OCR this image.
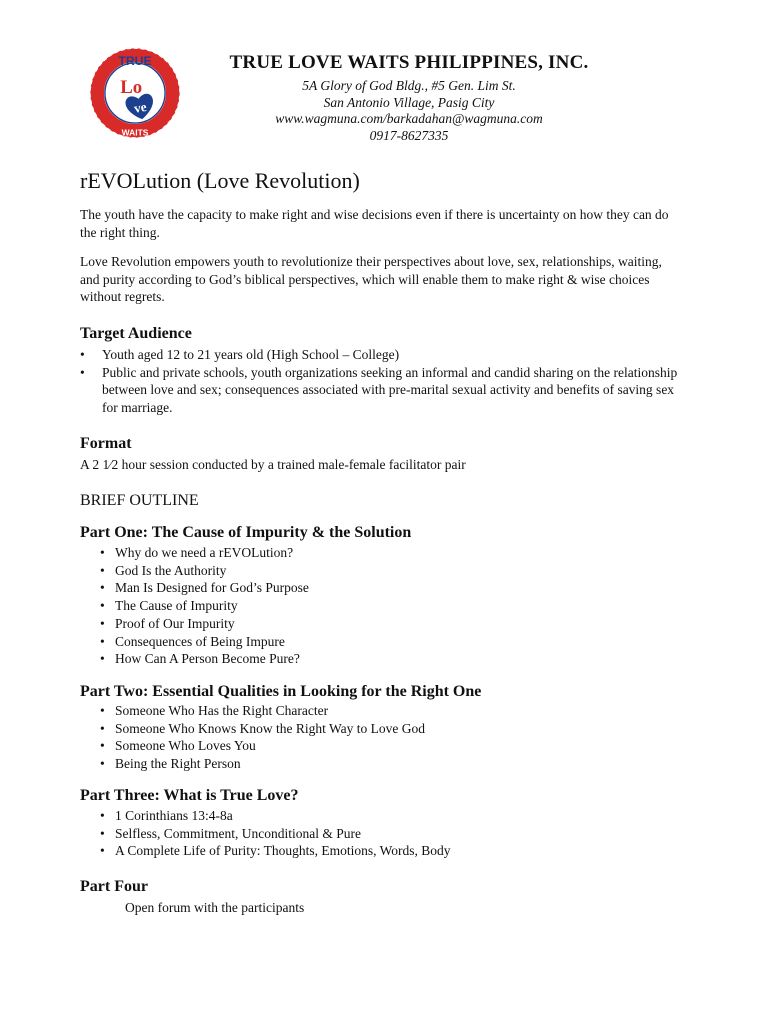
TRUE
WAITS
Lo
ve
TRUE LOVE WAITS PHILIPPINES, INC.
5A Glory of God Bldg., #5 Gen. Lim St.
San Antonio Village, Pasig City
www.wagmuna.com/barkadahan@wagmuna.com
0917-8627335
rEVOLution (Love Revolution)

The youth have the capacity to make right and wise decisions even if there is uncertainty on how they can do the right thing.

Love Revolution empowers youth to revolutionize their perspectives about love, sex, relationships, waiting, and purity according to God’s biblical perspectives, which will enable them to make right & wise choices without regrets.

Target Audience
• Youth aged 12 to 21 years old (High School – College)
• Public and private schools, youth organizations seeking an informal and candid sharing on the relationship between love and sex; consequences associated with pre-marital sexual activity and benefits of saving sex for marriage.
Format

A 2 1⁄2 hour session conducted by a trained male-female facilitator pair

BRIEF OUTLINE
Part One: The Cause of Impurity & the Solution
• Why do we need a rEVOLution?
• God Is the Authority
• Man Is Designed for God’s Purpose
• The Cause of Impurity
• Proof of Our Impurity
• Consequences of Being Impure
• How Can A Person Become Pure?
Part Two: Essential Qualities in Looking for the Right One
• Someone Who Has the Right Character
• Someone Who Knows Know the Right Way to Love God
• Someone Who Loves You
• Being the Right Person
Part Three: What is True Love?
• 1 Corinthians 13:4-8a
• Selfless, Commitment, Unconditional & Pure
• A Complete Life of Purity: Thoughts, Emotions, Words, Body
Part Four
Open forum with the participants
